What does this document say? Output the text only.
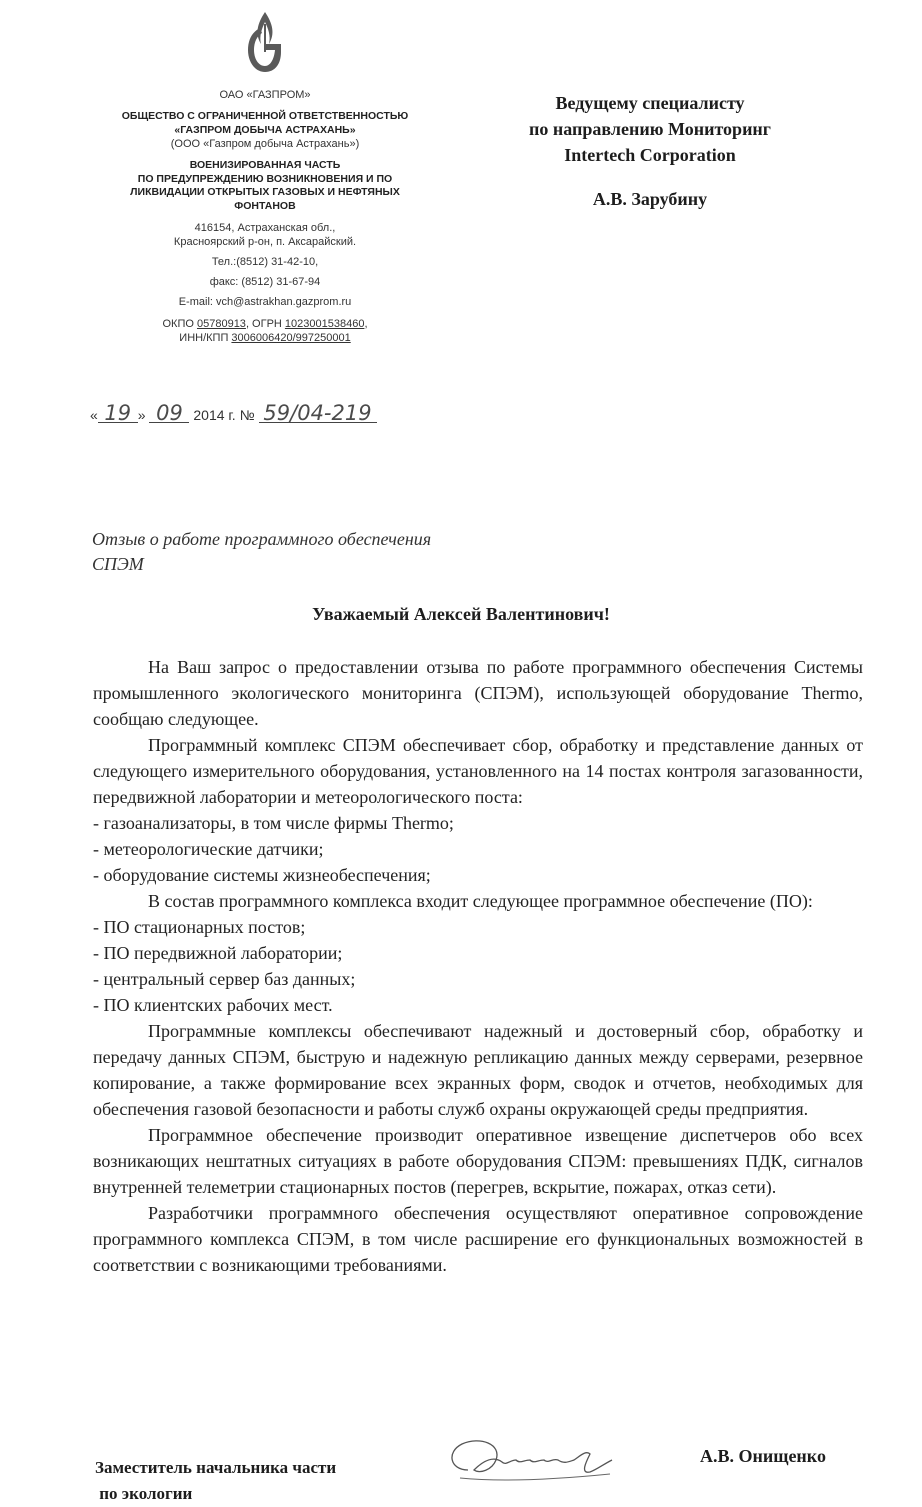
ОАО «ГАЗПРОМ»
ОБЩЕСТВО С ОГРАНИЧЕННОЙ ОТВЕТСТВЕННОСТЬЮ
«ГАЗПРОМ ДОБЫЧА АСТРАХАНЬ»
(ООО «Газпром добыча Астрахань»)
ВОЕНИЗИРОВАННАЯ ЧАСТЬ
ПО ПРЕДУПРЕЖДЕНИЮ ВОЗНИКНОВЕНИЯ И ПО
ЛИКВИДАЦИИ ОТКРЫТЫХ ГАЗОВЫХ И НЕФТЯНЫХ
ФОНТАНОВ
416154, Астраханская обл.,
Красноярский р-он, п. Аксарайский.
Тел.:(8512) 31-42-10,
факс: (8512) 31-67-94
E-mail: vch@astrakhan.gazprom.ru
ОКПО 05780913, ОГРН 1023001538460,
ИНН/КПП 3006006420/997250001
« 19 » 09 2014 г. № 59/04-219
Ведущему специалисту
по направлению Мониторинг
Intertech Corporation
А.В. Зарубину
Отзыв о работе программного обеспечения
СПЭМ
Уважаемый Алексей Валентинович!

На Ваш запрос о предоставлении отзыва по работе программного обеспечения Системы промышленного экологического мониторинга (СПЭМ), использующей оборудование Thermo, сообщаю следующее.

Программный комплекс СПЭМ обеспечивает сбор, обработку и представление данных от следующего измерительного оборудования, установленного на 14 постах контроля загазованности, передвижной лаборатории и метеорологического поста:

- газоанализаторы, в том числе фирмы Thermo;

- метеорологические датчики;

- оборудование системы жизнеобеспечения;

В состав программного комплекса входит следующее программное обеспечение (ПО):

- ПО стационарных постов;

- ПО передвижной лаборатории;

- центральный сервер баз данных;

- ПО клиентских рабочих мест.

Программные комплексы обеспечивают надежный и достоверный сбор, обработку и передачу данных СПЭМ, быструю и надежную репликацию данных между серверами, резервное копирование, а также формирование всех экранных форм, сводок и отчетов, необходимых для обеспечения газовой безопасности и работы служб охраны окружающей среды предприятия.

Программное обеспечение производит оперативное извещение диспетчеров обо всех возникающих нештатных ситуациях в работе оборудования СПЭМ: превышениях ПДК, сигналов внутренней телеметрии стационарных постов (перегрев, вскрытие, пожарах, отказ сети).

Разработчики программного обеспечения осуществляют оперативное сопровождение программного комплекса СПЭМ, в том числе расширение его функциональных возможностей в соответствии с возникающими требованиями.

Заместитель начальника части
по экологии
А.В. Онищенко
